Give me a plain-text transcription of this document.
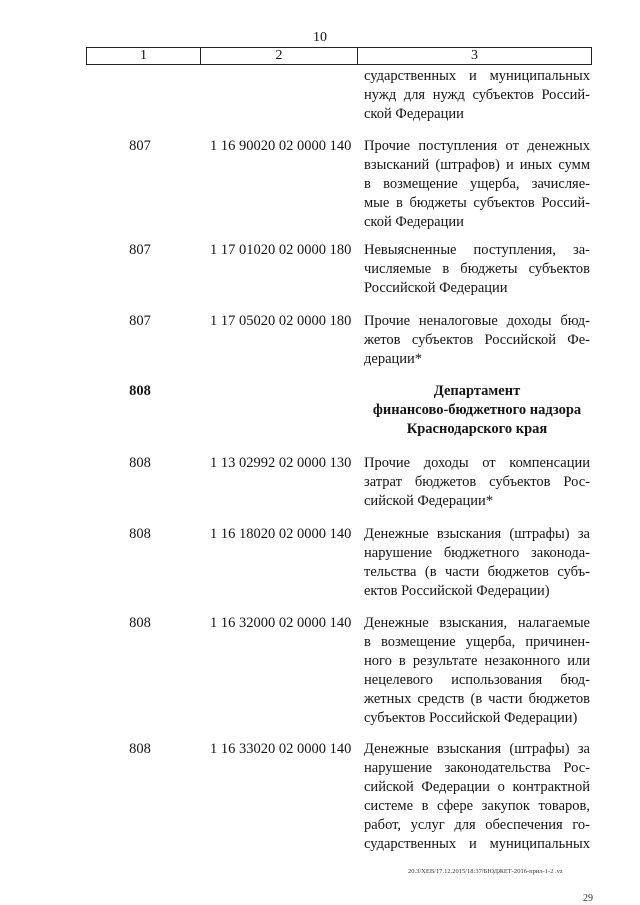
10
1	2	3
сударственных и муниципальных
нужд для нужд субъектов Россий-
ской Федерации
807	1 16 90020 02 0000 140 Прочие поступления от денежных
взысканий (штрафов) и иных сумм
в возмещение ущерба, зачисляе-
мые в бюджеты субъектов Россий-
ской Федерации
807	1 17 01020 02 0000 180 Невыясненные поступления, за-
числяемые в бюджеты субъектов
Российской Федерации
807	1 17 05020 02 0000 180 Прочие неналоговые доходы бюд-
жетов субъектов Российской Фе-
дерации*
808	Департамент
финансово-бюджетного надзора
Краснодарского края
808	1 13 02992 02 0000 130 Прочие доходы от компенсации
затрат бюджетов субъектов Рос-
сийской Федерации*
808	1 16 18020 02 0000 140 Денежные взыскания (штрафы) за
нарушение бюджетного законода-
тельства (в части бюджетов субъ-
ектов Российской Федерации)
808	1 16 32000 02 0000 140 Денежные взыскания, налагаемые
в возмещение ущерба, причинен-
ного в результате незаконного или
нецелевого использования бюд-
жетных средств (в части бюджетов
субъектов Российской Федерации)
808	1 16 33020 02 0000 140 Денежные взыскания (штрафы) за
нарушение законодательства Рос-
сийской Федерации о контрактной
системе в сфере закупок товаров,
работ, услуг для обеспечения го-
сударственных и муниципальных
20.3/ХЕВ/17.12.2015/18:37/БЮДЖЕТ-2016-прил-1-2 .vz
29
